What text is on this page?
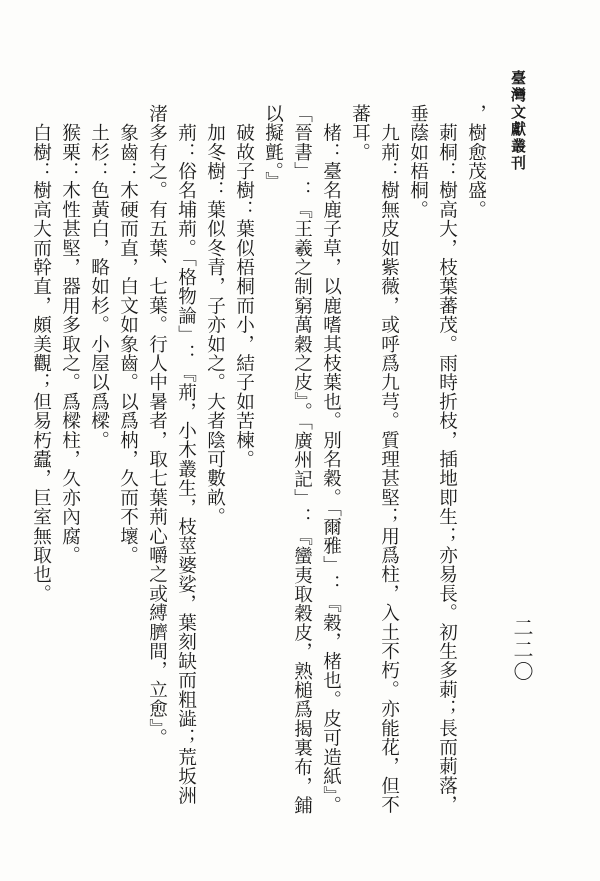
臺灣文獻叢刊
二二〇
，樹愈茂盛。
　莿桐：樹高大，枝葉蕃茂。雨時折枝，插地即生；亦易長。初生多莿；長而莿落，
垂蔭如梧桐。
　九荊：樹無皮如紫薇，或呼爲九芎。質理甚堅；用爲柱，入土不朽。亦能花，但不
蕃耳。
　楮：臺名鹿子草，以鹿嗜其枝葉也。別名穀。「爾雅」：『穀，楮也。皮可造紙』。
「晉書」：『王羲之制窮萬穀之皮』。「廣州記」：『蠻夷取穀皮，熟槌爲揭裏布，鋪
以擬氈。』
　破故子樹：葉似梧桐而小，結子如苦楝。
　加冬樹：葉似冬青，子亦如之。大者陰可數畝。
　荊：俗名埔荊。「格物論」：『荊，小木叢生，枝莖婆娑，葉刻缺而粗澁；荒坂洲
渚多有之。有五葉、七葉。行人中暑者，取七葉荊心嚼之或縛臍間，立愈』。
　象齒：木硬而直，白文如象齒。以爲枘，久而不壞。
　土杉：色黃白，略如杉。小屋以爲樑。
　猴栗：木性甚堅，器用多取之。爲樑柱，久亦內腐。
　白樹：樹高大而幹直，頗美觀；但易朽蠹，巨室無取也。
